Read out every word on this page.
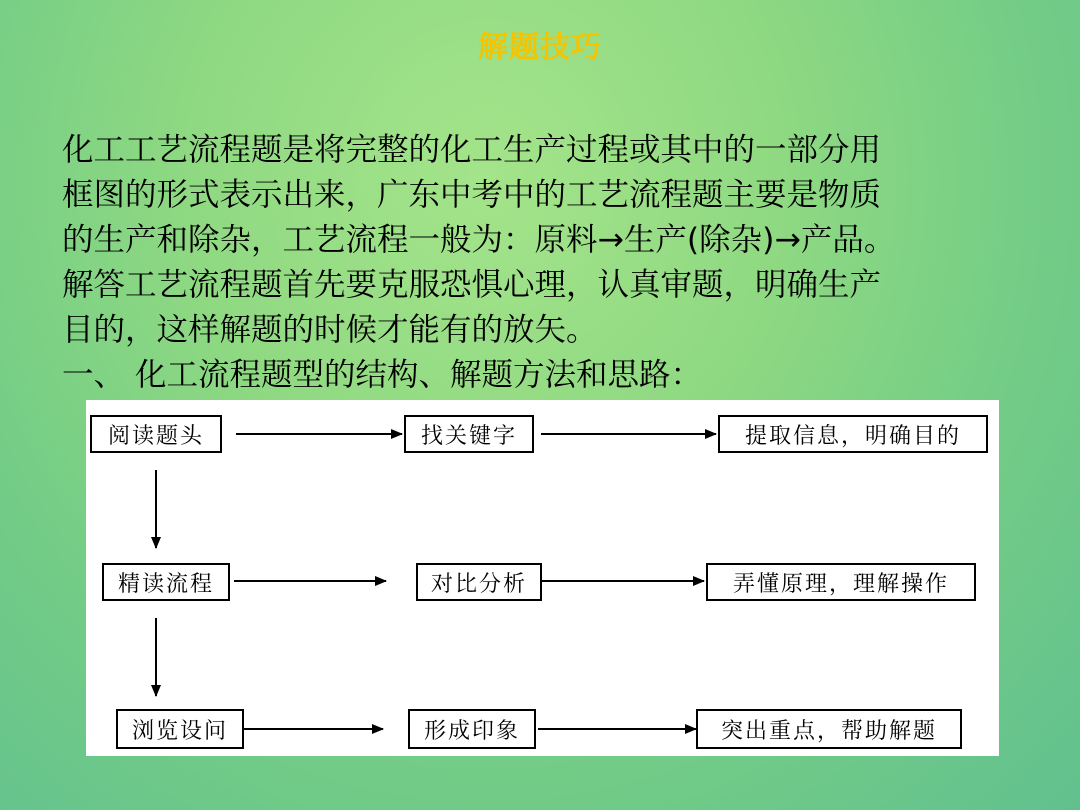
解题技巧

化工工艺流程题是将完整的化工生产过程或其中的一部分用

框图的形式表示出来，广东中考中的工艺流程题主要是物质

的生产和除杂，工艺流程一般为：原料→生产(除杂)→产品。

解答工艺流程题首先要克服恐惧心理，认真审题，明确生产

目的，这样解题的时候才能有的放矢。

一、 化工流程题型的结构、解题方法和思路：

阅读题头	找关键字	提取信息，明确目的
精读流程	对比分析	弄懂原理，理解操作
浏览设问	形成印象	突出重点，帮助解题
